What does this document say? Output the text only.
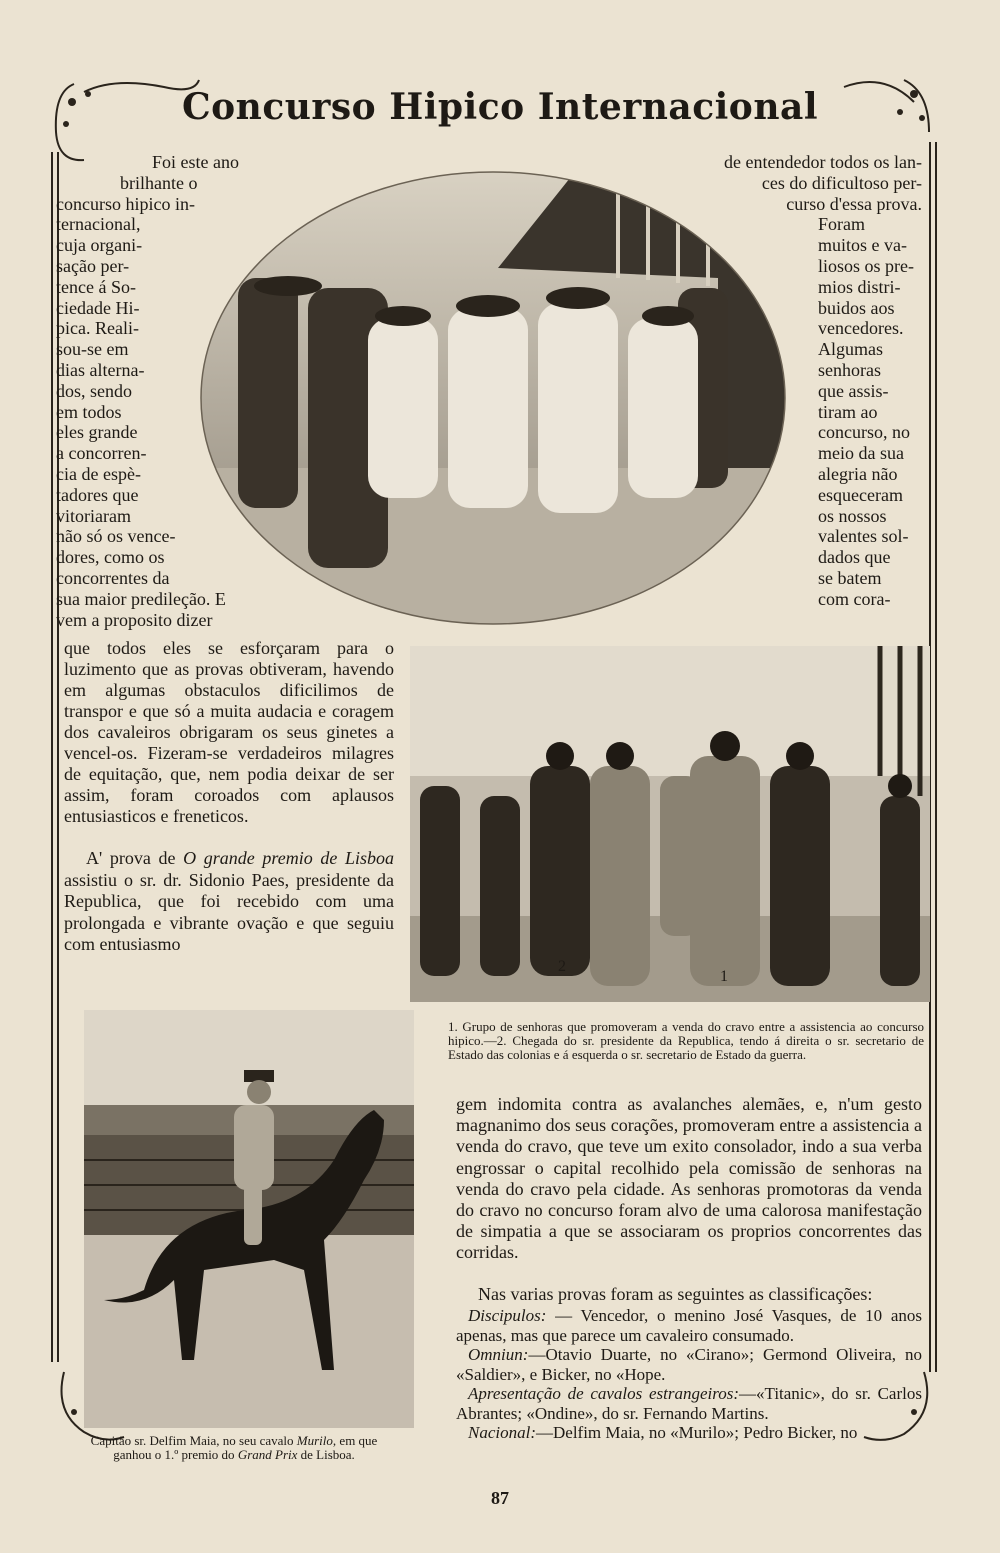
Concurso Hipico Internacional
Foi este ano
brilhante o
concurso hipico in-
ternacional,
cuja organi-
sação per-
tence á So-
ciedade Hi-
pica. Reali-
sou-se em
dias alterna-
dos, sendo
em todos
eles grande
a concorren-
cia de espè-
tadores que
vitoriaram
não só os vence-
dores, como os
concorrentes da
sua maior predileção. E
vem a proposito dizer
de entendedor todos os lan-
ces do dificultoso per-
curso d'essa prova.
Foram
muitos e va-
liosos os pre-
mios distri-
buidos aos
vencedores.
Algumas
senhoras
que assis-
tiram ao
concurso, no
meio da sua
alegria não
esqueceram
os nossos
valentes sol-
dados que
se batem
com cora-
que todos eles se esforçaram para o luzimento que as provas obtiveram, havendo em algumas obstaculos dificilimos de transpor e que só a muita audacia e coragem dos cavaleiros obrigaram os seus ginetes a vencel-os. Fizeram-se verdadeiros milagres de equitação, que, nem podia deixar de ser assim, foram coroados com aplausos entusiasticos e freneticos.
A' prova de O grande premio de Lisboa assistiu o sr. dr. Sidonio Paes, presidente da Republica, que foi recebido com uma prolongada e vibrante ovação e que seguiu com entusiasmo
2
1
Capitão sr. Delfim Maia, no seu cavalo Murilo, em que ganhou o 1.º premio do Grand Prix de Lisboa.
1. Grupo de senhoras que promoveram a venda do cravo entre a assistencia ao concurso hipico.—2. Chegada do sr. presidente da Republica, tendo á direita o sr. secretario de Estado das colonias e á esquerda o sr. secretario de Estado da guerra.
gem indomita contra as avalanches alemães, e, n'um gesto magnanimo dos seus corações, promoveram entre a assistencia a venda do cravo, que teve um exito consolador, indo a sua verba engrossar o capital recolhido pela comissão de senhoras na venda do cravo pela cidade. As senhoras promotoras da venda do cravo no concurso foram alvo de uma calorosa manifestação de simpatia a que se associaram os proprios concorrentes das corridas.
Nas varias provas foram as seguintes as classificações:
Discipulos: — Vencedor, o menino José Vasques, de 10 anos apenas, mas que parece um cavaleiro consumado.
Omniun:—Otavio Duarte, no «Cirano»; Germond Oliveira, no «Saldier», e Bicker, no «Hope.
Apresentação de cavalos estrangeiros:—«Titanic», do sr. Carlos Abrantes; «Ondine», do sr. Fernando Martins.
Nacional:—Delfim Maia, no «Murilo»; Pedro Bicker, no
87
